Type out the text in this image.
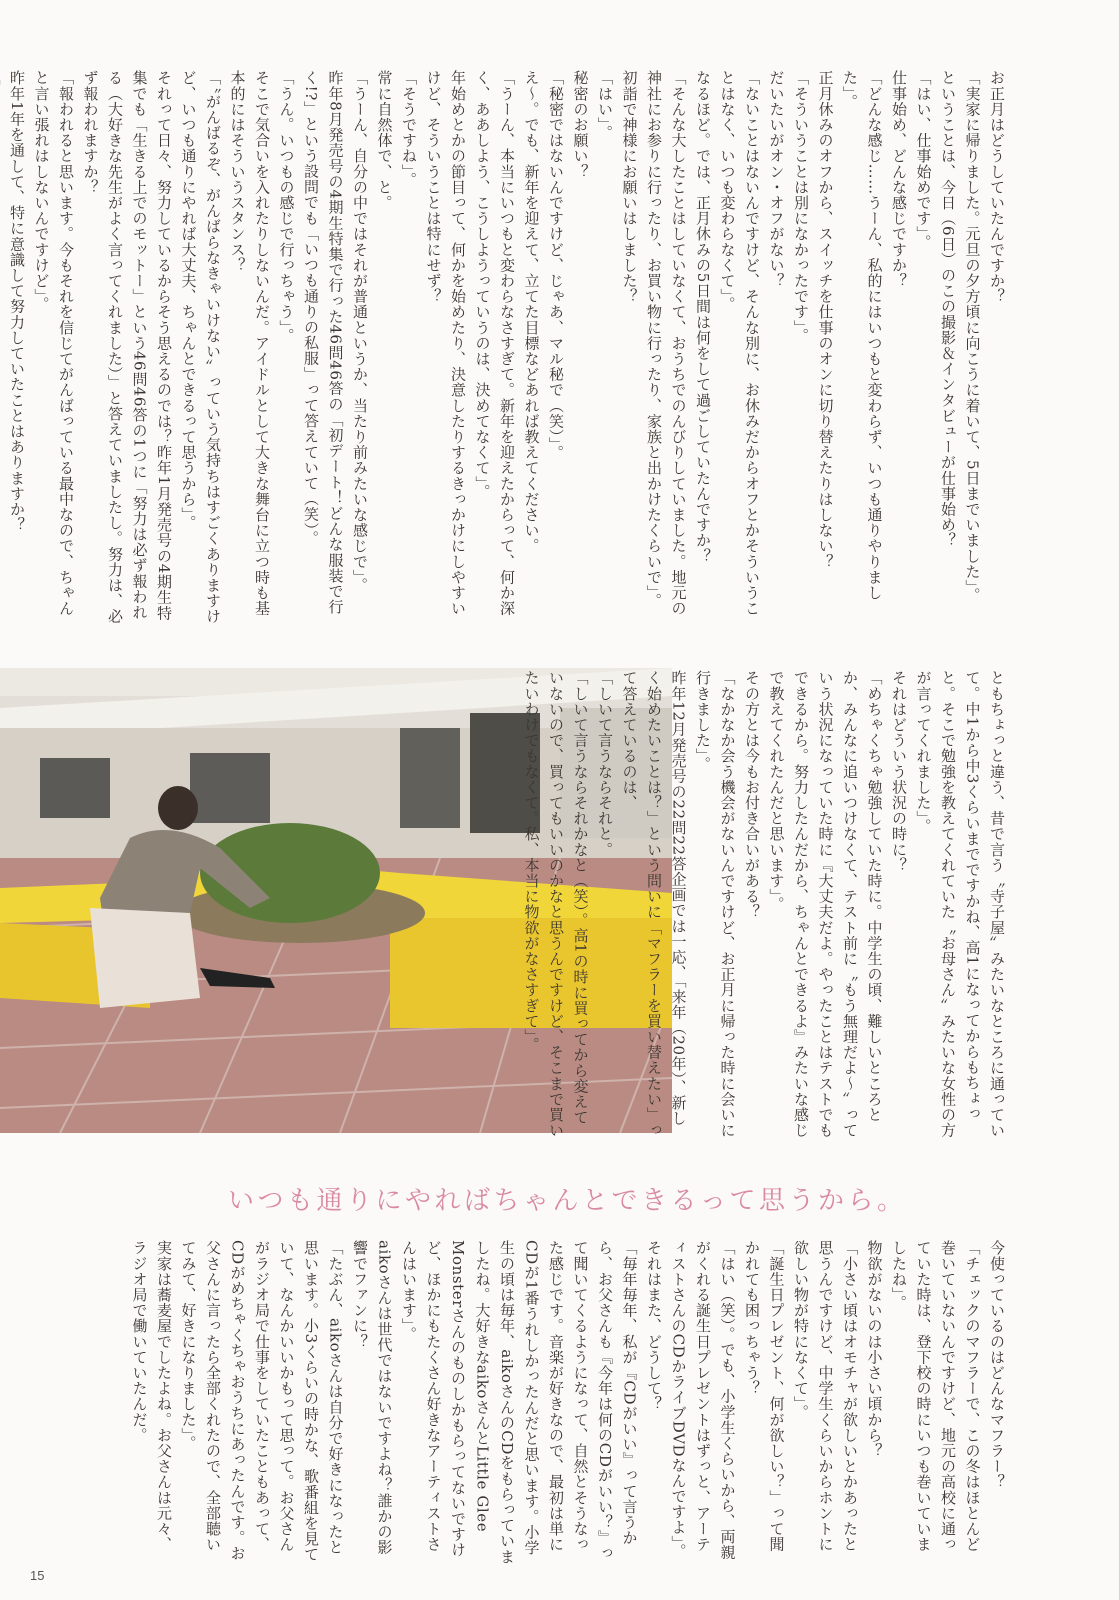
お正月はどうしていたんですか？

「実家に帰りました。元旦の夕方頃に向こうに着いて、5日までいました」。

ということは、今日（6日）のこの撮影＆インタビューが仕事始め？

「はい、仕事始めです」。

仕事始め、どんな感じですか？

「どんな感じ……うーん、私的にはいつもと変わらず、いつも通りやりました」。

正月休みのオフから、スイッチを仕事のオンに切り替えたりはしない？

「そういうことは別になかったです」。

だいたいがオン・オフがない？

「ないことはないんですけど、そんな別に、お休みだからオフとかそういうことはなく、いつも変わらなくて」。

なるほど。では、正月休みの5日間は何をして過ごしていたんですか？

「そんな大したことはしていなくて、おうちでのんびりしていました。地元の神社にお参りに行ったり、お買い物に行ったり、家族と出かけたくらいで」。

初詣で神様にお願いはしました？

「はい」。

秘密のお願い？

「秘密ではないんですけど、じゃあ、マル秘で（笑）」。

え～。でも、新年を迎えて、立てた目標などあれば教えてください。

「うーん、本当にいつもと変わらなさすぎて。新年を迎えたからって、何か深く、ああしよう、こうしようっていうのは、決めてなくて」。

年始めとかの節目って、何かを始めたり、決意したりするきっかけにしやすいけど、そういうことは特にせず？

「そうですね」。

常に自然体で、と。

「うーん、自分の中ではそれが普通というか、当たり前みたいな感じで」。

昨年8月発売号の4期生特集で行った46問46答の「初デート！どんな服装で行く!?」という設問でも「いつも通りの私服」って答えていて（笑）。

「うん。いつもの感じで行っちゃう」。

そこで気合いを入れたりしないんだ。アイドルとして大きな舞台に立つ時も基本的にはそういうスタンス？

「〝がんばるぞ、がんばらなきゃいけない〟っていう気持ちはすごくありますけど、いつも通りにやれば大丈夫、ちゃんとできるって思うから」。

それって日々、努力しているからそう思えるのでは？昨年1月発売号の4期生特集でも「生きる上でのモットー」という46問46答の1つに「努力は必ず報われる（大好きな先生がよく言ってくれました）」と答えていましたし。努力は、必ず報われますか？

「報われると思います。今もそれを信じてがんばっている最中なので、ちゃんと言い張れはしないんですけど」。

昨年1年を通して、特に意識して努力していたことはありますか？

ともちょっと違う、昔で言う〝寺子屋〟みたいなところに通っていて。中1から中3くらいまでですかね、高1になってからもちょっと。そこで勉強を教えてくれていた〝お母さん〟みたいな女性の方が言ってくれました」。

それはどういう状況の時に？

「めちゃくちゃ勉強していた時に。中学生の頃、難しいところとか、みんなに追いつけなくて、テスト前に〝もう無理だよ～〟っていう状況になっていた時に『大丈夫だよ。やったことはテストでもできるから。努力したんだから、ちゃんとできるよ』みたいな感じ

で教えてくれたんだと思います」。

その方とは今もお付き合いがある？

「なかなか会う機会がないんですけど、お正月に帰った時に会いに行きました」。

昨年12月発売号の22問22答企画では一応、「来年（20年）、新しく始めたいことは？」という問いに「マフラーを買い替えたい」って答えているのは、

「しいて言うならそれと。

「しいて言うならそれかなと（笑）。高1の時に買ってから変えていないので、買ってもいいのかなと思うんですけど、そこまで買いたいわけでもなくて。私、本当に物欲がなさすぎて」。

いつも通りにやればちゃんとできるって思うから。

今使っているのはどんなマフラー？

「チェックのマフラーで、この冬はほとんど巻いていないんですけど、地元の高校に通っていた時は、登下校の時にいつも巻いていましたね」。

物欲がないのは小さい頃から？

「小さい頃はオモチャが欲しいとかあったと思うんですけど、中学生くらいからホントに欲しい物が特になくて」。

「誕生日プレゼント、何が欲しい？」って聞かれても困っちゃう？

「はい（笑）。でも、小学生くらいから、両親がくれる誕生日プレゼントはずっと、アーティストさんのCDかライブDVDなんですよ」。

それはまた、どうして？

「毎年毎年、私が『CDがいい』って言うから、お父さんも『今年は何のCDがいい？』って聞いてくるようになって、自然とそうなった感じです。音楽が好きなので、最初は単にCDが1番うれしかったんだと思います。小学生の頃は毎年、aikoさんのCDをもらっていましたね。大好きなaikoさんとLittle Glee Monsterさんのものしかもらってないですけど、ほかにもたくさん好きなアーティストさんはいます」。

aikoさんは世代ではないですよね？誰かの影響でファンに？

「たぶん、aikoさんは自分で好きになったと思います。小3くらいの時かな、歌番組を見ていて、なんかいいかもって思って。お父さんがラジオ局で仕事をしていたこともあって、CDがめちゃくちゃおうちにあったんです。お父さんに言ったら全部くれたので、全部聴いてみて、好きになりました」。

実家は蕎麦屋でしたよね。お父さんは元々、ラジオ局で働いていたんだ。

15
